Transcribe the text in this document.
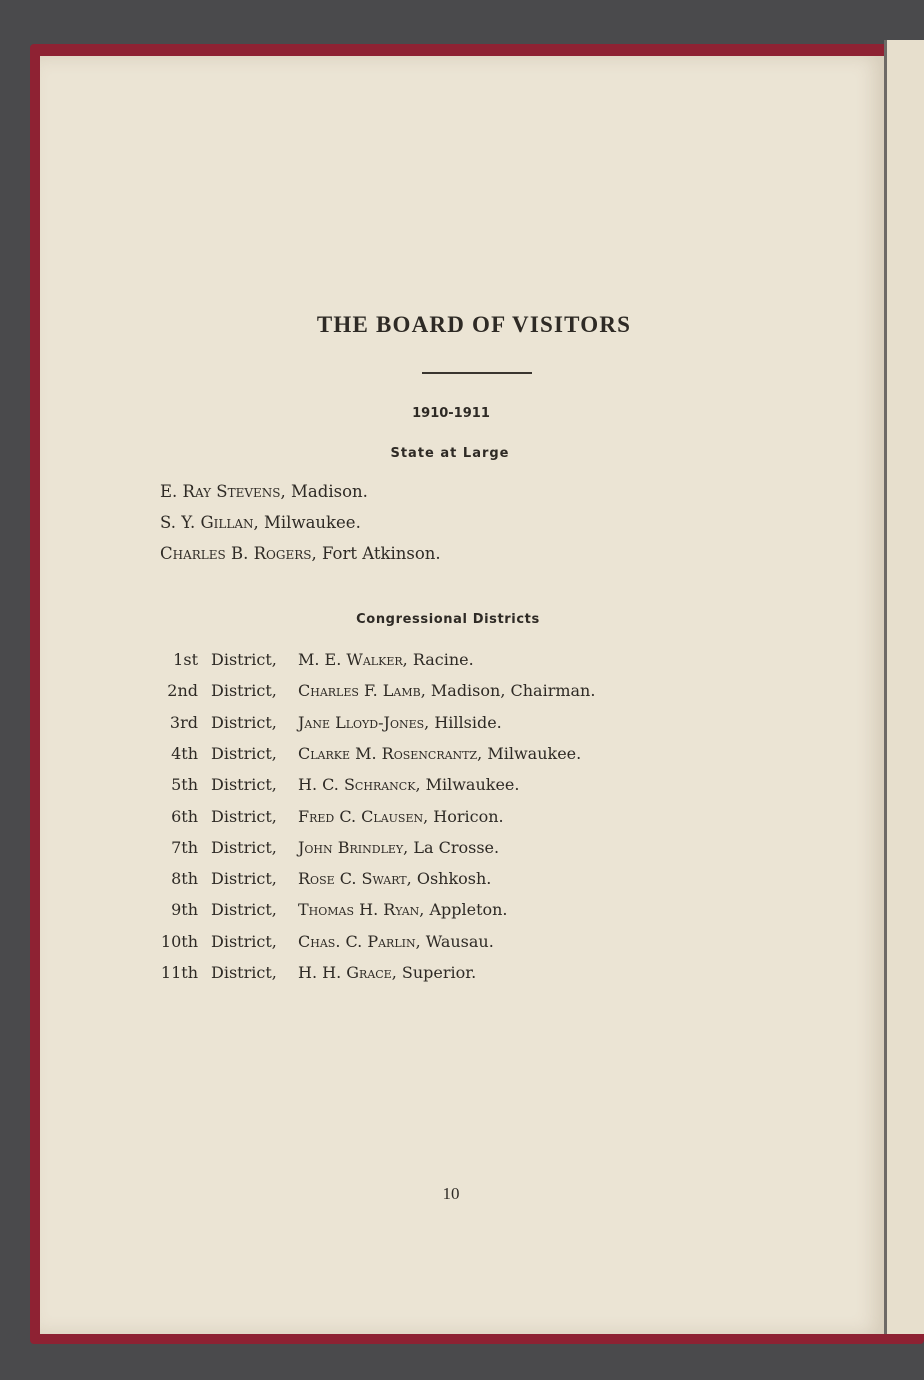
THE BOARD OF VISITORS
1910-1911
State at Large
E. Ray Stevens, Madison.
S. Y. Gillan, Milwaukee.
Charles B. Rogers, Fort Atkinson.
Congressional Districts
1st District, M. E. Walker, Racine.
2nd District, Charles F. Lamb, Madison, Chairman.
3rd District, Jane Lloyd-Jones, Hillside.
4th District, Clarke M. Rosencrantz, Milwaukee.
5th District, H. C. Schranck, Milwaukee.
6th District, Fred C. Clausen, Horicon.
7th District, John Brindley, La Crosse.
8th District, Rose C. Swart, Oshkosh.
9th District, Thomas H. Ryan, Appleton.
10th District, Chas. C. Parlin, Wausau.
11th District, H. H. Grace, Superior.
10
